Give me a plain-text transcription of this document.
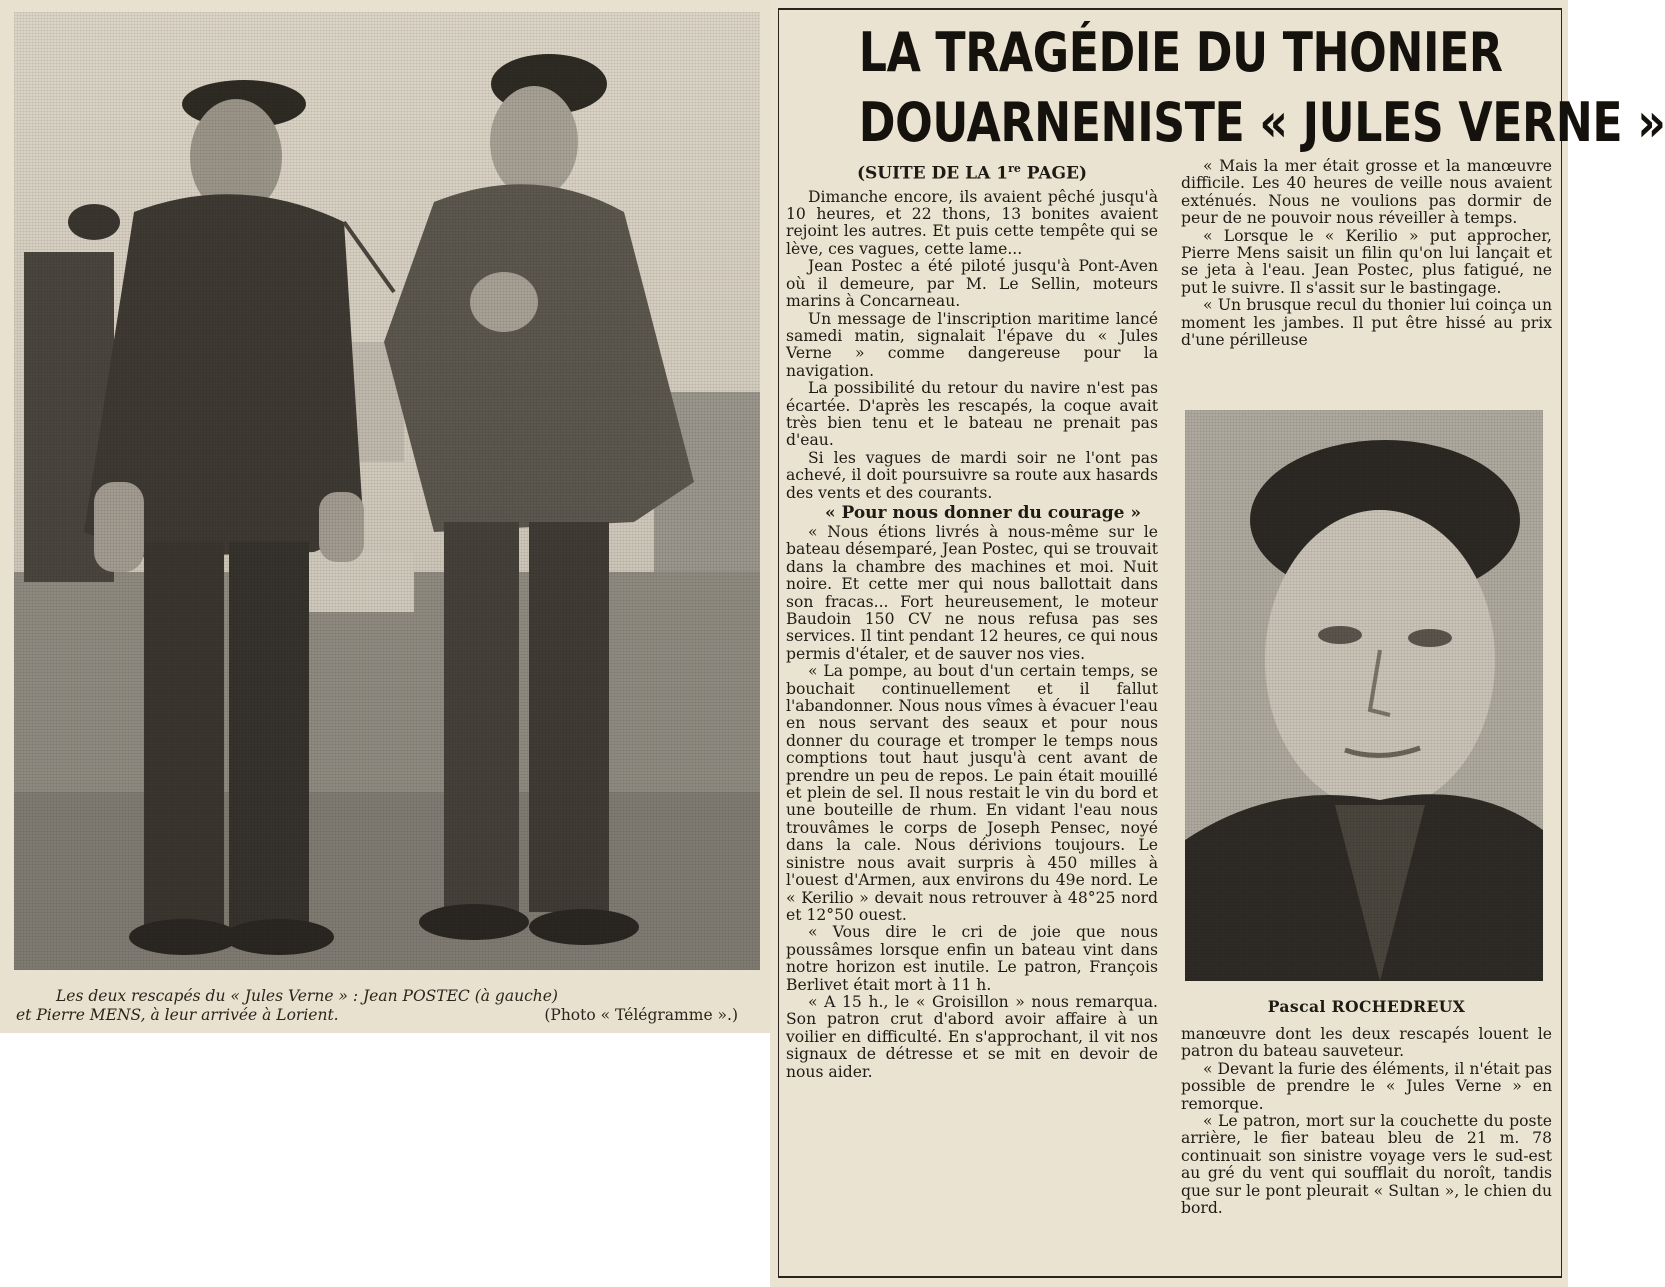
Les deux rescapés du « Jules Verne » : Jean POSTEC (à gauche)
et Pierre MENS, à leur arrivée à Lorient.	(Photo « Télégramme ».)
LA TRAGÉDIE DU THONIER
DOUARNENISTE « JULES VERNE »
(SUITE DE LA 1re PAGE)

Dimanche encore, ils avaient pêché jusqu'à 10 heures, et 22 thons, 13 bonites avaient rejoint les autres. Et puis cette tempête qui se lève, ces vagues, cette lame...

Jean Postec a été piloté jusqu'à Pont-Aven où il demeure, par M. Le Sellin, moteurs marins à Concarneau.

Un message de l'inscription maritime lancé samedi matin, signalait l'épave du « Jules Verne » comme dangereuse pour la navigation.

La possibilité du retour du navire n'est pas écartée. D'après les rescapés, la coque avait très bien tenu et le bateau ne prenait pas d'eau.

Si les vagues de mardi soir ne l'ont pas achevé, il doit poursuivre sa route aux hasards des vents et des courants.

« Pour nous donner du courage »

« Nous étions livrés à nous-même sur le bateau désemparé, Jean Postec, qui se trouvait dans la chambre des machines et moi. Nuit noire. Et cette mer qui nous ballottait dans son fracas... Fort heureusement, le moteur Baudoin 150 CV ne nous refusa pas ses services. Il tint pendant 12 heures, ce qui nous permis d'étaler, et de sauver nos vies.

« La pompe, au bout d'un certain temps, se bouchait continuellement et il fallut l'abandonner. Nous nous vîmes à évacuer l'eau en nous servant des seaux et pour nous donner du courage et tromper le temps nous comptions tout haut jusqu'à cent avant de prendre un peu de repos. Le pain était mouillé et plein de sel. Il nous restait le vin du bord et une bouteille de rhum. En vidant l'eau nous trouvâmes le corps de Joseph Pensec, noyé dans la cale. Nous dérivions toujours. Le sinistre nous avait surpris à 450 milles à l'ouest d'Armen, aux environs du 49e nord. Le « Kerilio » devait nous retrouver à 48°25 nord et 12°50 ouest.

« Vous dire le cri de joie que nous poussâmes lorsque enfin un bateau vint dans notre horizon est inutile. Le patron, François Berlivet était mort à 11 h.

« A 15 h., le « Groisillon » nous remarqua. Son patron crut d'abord avoir affaire à un voilier en difficulté. En s'approchant, il vit nos signaux de détresse et se mit en devoir de nous aider.

« Mais la mer était grosse et la manœuvre difficile. Les 40 heures de veille nous avaient exténués. Nous ne voulions pas dormir de peur de ne pouvoir nous réveiller à temps.

« Lorsque le « Kerilio » put approcher, Pierre Mens saisit un filin qu'on lui lançait et se jeta à l'eau. Jean Postec, plus fatigué, ne put le suivre. Il s'assit sur le bastingage.

« Un brusque recul du thonier lui coinça un moment les jambes. Il put être hissé au prix d'une périlleuse

Pascal ROCHEDREUX

manœuvre dont les deux rescapés louent le patron du bateau sauveteur.

« Devant la furie des éléments, il n'était pas possible de prendre le « Jules Verne » en remorque.

« Le patron, mort sur la couchette du poste arrière, le fier bateau bleu de 21 m. 78 continuait son sinistre voyage vers le sud-est au gré du vent qui soufflait du noroît, tandis que sur le pont pleurait « Sultan », le chien du bord.
